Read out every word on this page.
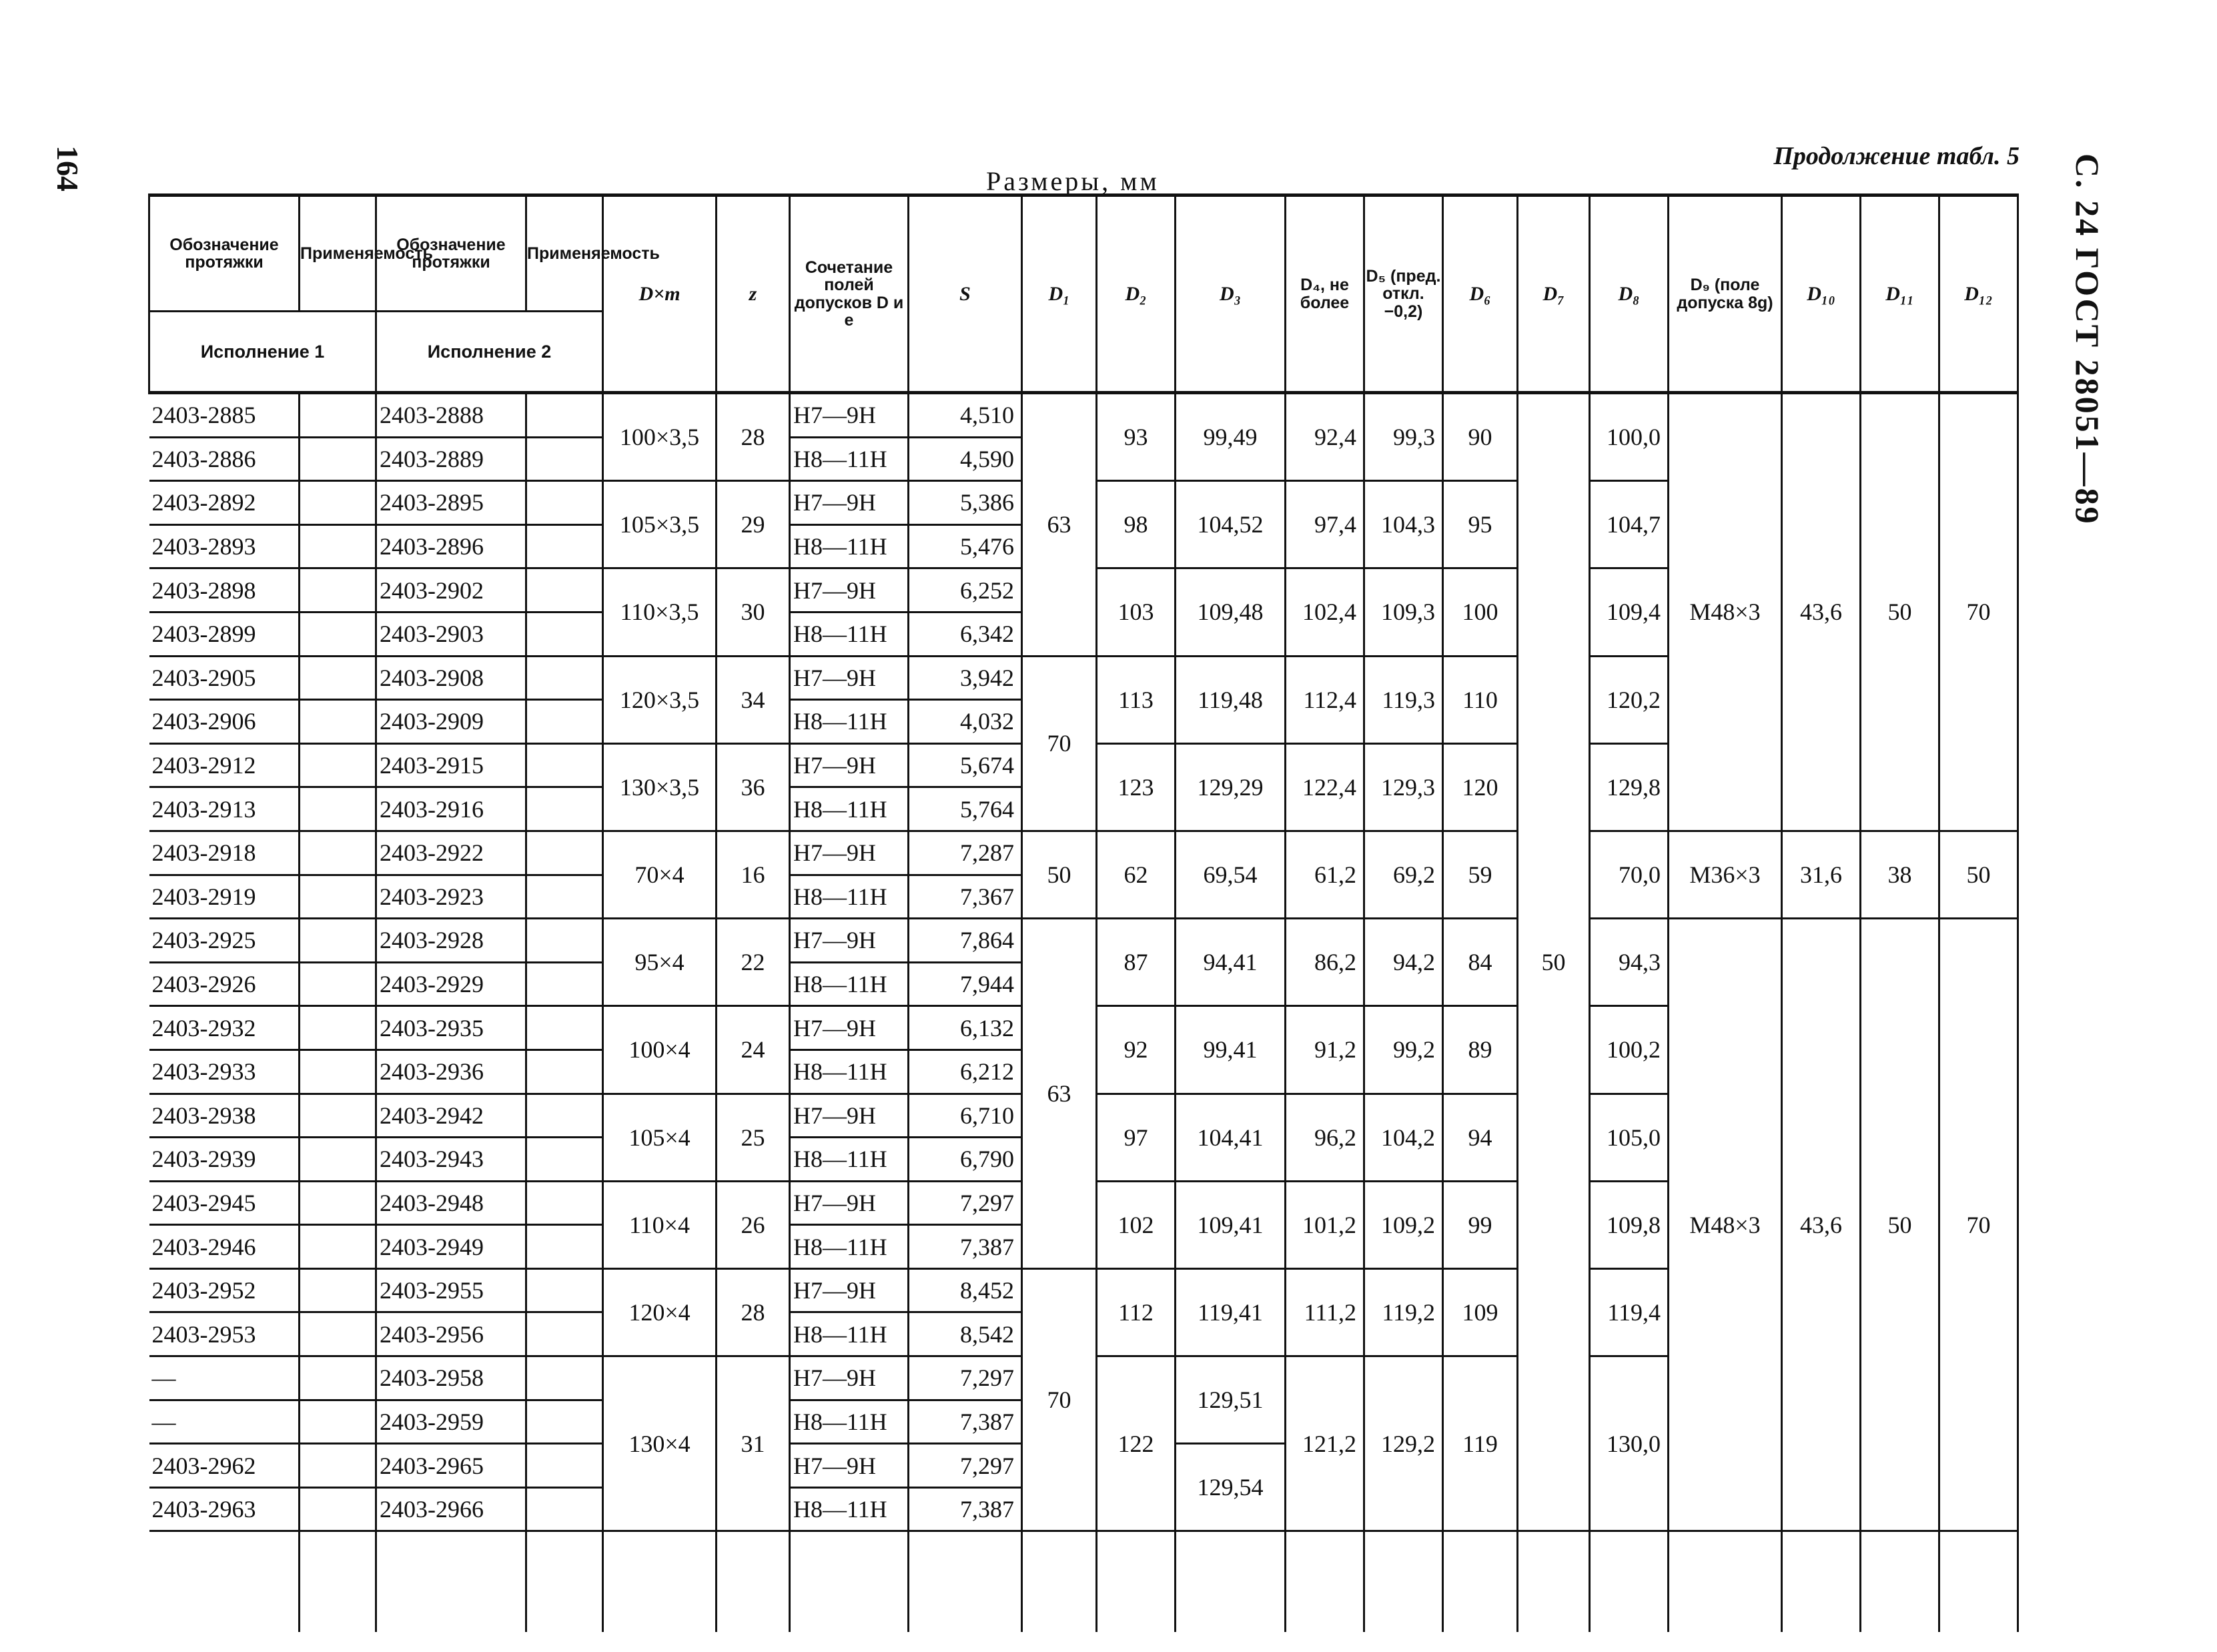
164	С. 24 ГОСТ 28051—89
Продолжение табл. 5
Размеры, мм
Обозначение протяжки	Применяемость	Обозначение протяжки	Применяемость	D×m	z	Сочетание полей допусков D и e	S	D₁	D₂	D₃	D₄, не более	D₅ (пред. откл. −0,2)	D₆	D₇	D₈	D₉ (поле допуска 8g)	D₁₀	D₁₁	D₁₂
Исполнение 1		Исполнение 2																	
2403-2885		2403-2888		100×3,5	28	H7—9H	4,510	63	93	99,49	92,4	99,3	90	50	100,0	M48×3	43,6	50	70
2403-2886		2403-2889				H8—11H	4,590												
2403-2892		2403-2895		105×3,5	29	H7—9H	5,386		98	104,52	97,4	104,3	95		104,7				
2403-2893		2403-2896				H8—11H	5,476												
2403-2898		2403-2902		110×3,5	30	H7—9H	6,252		103	109,48	102,4	109,3	100		109,4				
2403-2899		2403-2903				H8—11H	6,342												
2403-2905		2403-2908		120×3,5	34	H7—9H	3,942	70	113	119,48	112,4	119,3	110		120,2				
2403-2906		2403-2909				H8—11H	4,032												
2403-2912		2403-2915		130×3,5	36	H7—9H	5,674		123	129,29	122,4	129,3	120		129,8				
2403-2913		2403-2916				H8—11H	5,764												
2403-2918		2403-2922		70×4	16	H7—9H	7,287	50	62	69,54	61,2	69,2	59		70,0	M36×3	31,6	38	50
2403-2919		2403-2923				H8—11H	7,367												
2403-2925		2403-2928		95×4	22	H7—9H	7,864	63	87	94,41	86,2	94,2	84		94,3	M48×3	43,6	50	70
2403-2926		2403-2929				H8—11H	7,944												
2403-2932		2403-2935		100×4	24	H7—9H	6,132		92	99,41	91,2	99,2	89		100,2				
2403-2933		2403-2936				H8—11H	6,212												
2403-2938		2403-2942		105×4	25	H7—9H	6,710		97	104,41	96,2	104,2	94		105,0				
2403-2939		2403-2943				H8—11H	6,790												
2403-2945		2403-2948		110×4	26	H7—9H	7,297		102	109,41	101,2	109,2	99		109,8				
2403-2946		2403-2949				H8—11H	7,387												
2403-2952		2403-2955		120×4	28	H7—9H	8,452	70	112	119,41	111,2	119,2	109		119,4				
2403-2953		2403-2956				H8—11H	8,542												
—		2403-2958		130×4	31	H7—9H	7,297		122	129,51	121,2	129,2	119		130,0				
—		2403-2959				H8—11H	7,387												
2403-2962		2403-2965				H7—9H	7,297			129,54									
2403-2963		2403-2966				H8—11H	7,387												
